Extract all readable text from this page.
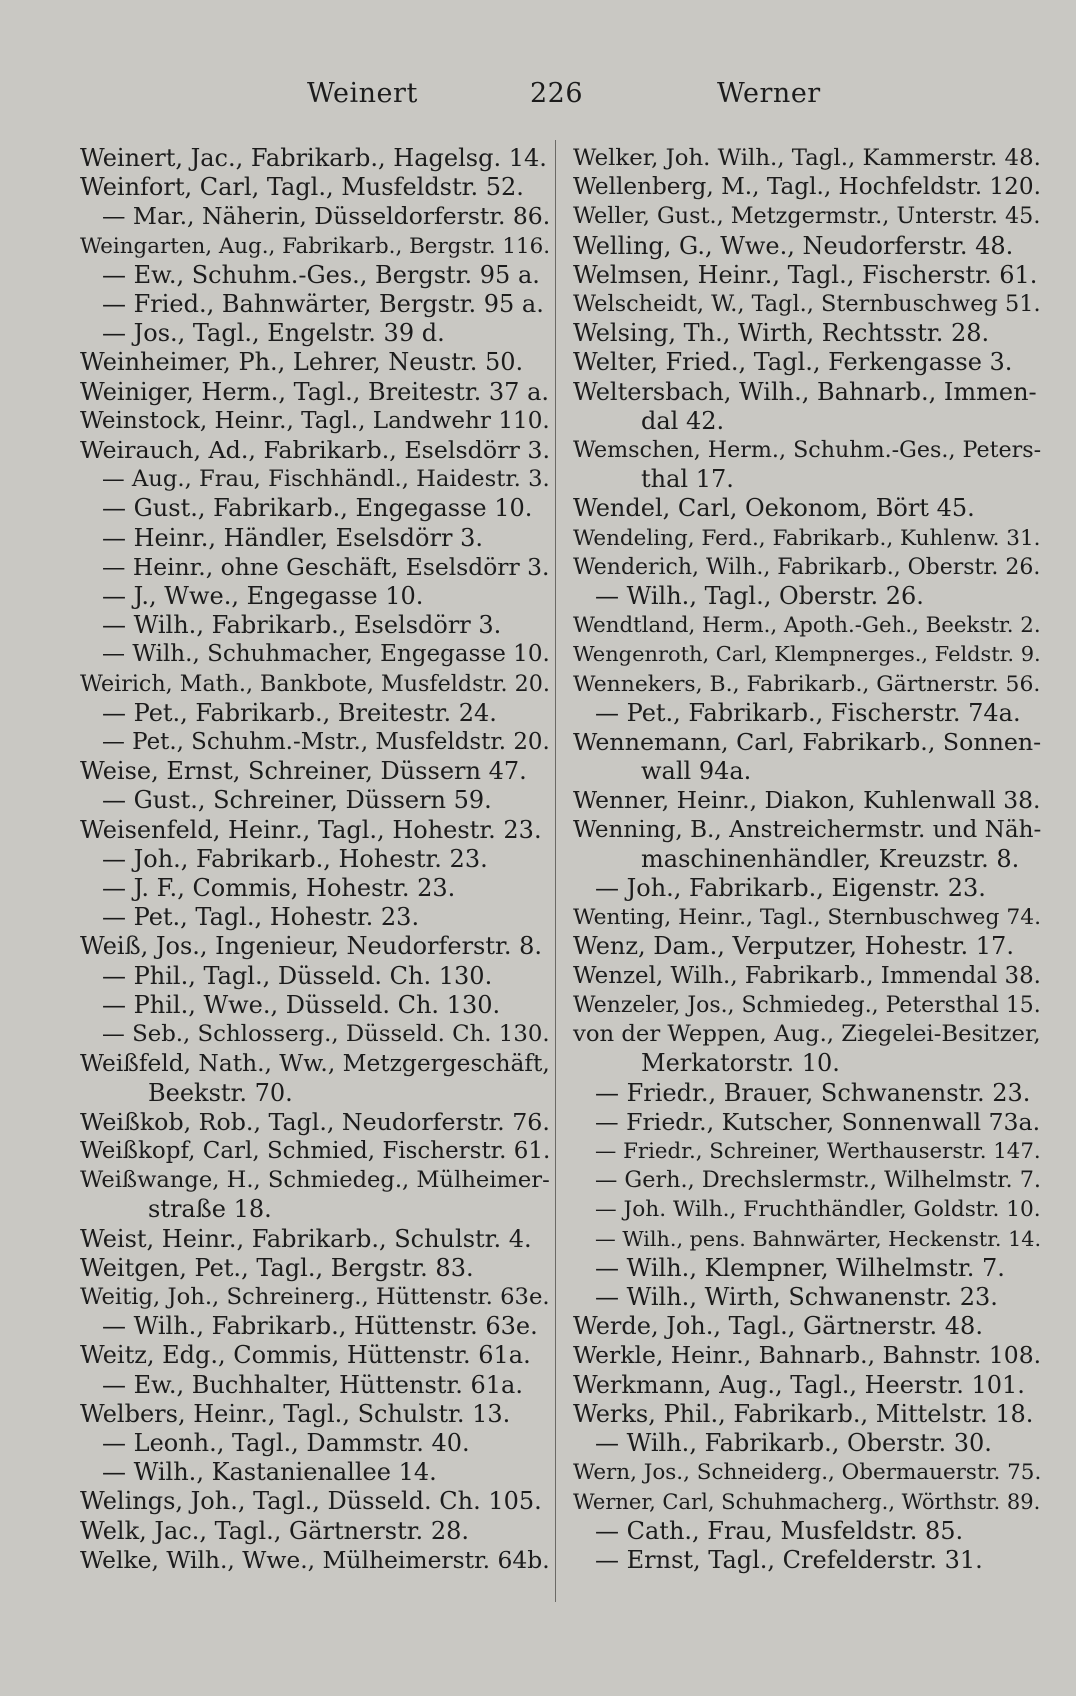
Weinert	226	Werner
Weinert, Jac., Fabrikarb., Hagelsg. 14.
Weinfort, Carl, Tagl., Musfeldstr. 52.
— Mar., Näherin, Düsseldorferstr. 86.
Weingarten, Aug., Fabrikarb., Bergstr. 116.
— Ew., Schuhm.-Ges., Bergstr. 95 a.
— Fried., Bahnwärter, Bergstr. 95 a.
— Jos., Tagl., Engelstr. 39 d.
Weinheimer, Ph., Lehrer, Neustr. 50.
Weiniger, Herm., Tagl., Breitestr. 37 a.
Weinstock, Heinr., Tagl., Landwehr 110.
Weirauch, Ad., Fabrikarb., Eselsdörr 3.
— Aug., Frau, Fischhändl., Haidestr. 3.
— Gust., Fabrikarb., Engegasse 10.
— Heinr., Händler, Eselsdörr 3.
— Heinr., ohne Geschäft, Eselsdörr 3.
— J., Wwe., Engegasse 10.
— Wilh., Fabrikarb., Eselsdörr 3.
— Wilh., Schuhmacher, Engegasse 10.
Weirich, Math., Bankbote, Musfeldstr. 20.
— Pet., Fabrikarb., Breitestr. 24.
— Pet., Schuhm.-Mstr., Musfeldstr. 20.
Weise, Ernst, Schreiner, Düssern 47.
— Gust., Schreiner, Düssern 59.
Weisenfeld, Heinr., Tagl., Hohestr. 23.
— Joh., Fabrikarb., Hohestr. 23.
— J. F., Commis, Hohestr. 23.
— Pet., Tagl., Hohestr. 23.
Weiß, Jos., Ingenieur, Neudorferstr. 8.
— Phil., Tagl., Düsseld. Ch. 130.
— Phil., Wwe., Düsseld. Ch. 130.
— Seb., Schlosserg., Düsseld. Ch. 130.
Weißfeld, Nath., Ww., Metzgergeschäft,
Beekstr. 70.
Weißkob, Rob., Tagl., Neudorferstr. 76.
Weißkopf, Carl, Schmied, Fischerstr. 61.
Weißwange, H., Schmiedeg., Mülheimer-
straße 18.
Weist, Heinr., Fabrikarb., Schulstr. 4.
Weitgen, Pet., Tagl., Bergstr. 83.
Weitig, Joh., Schreinerg., Hüttenstr. 63e.
— Wilh., Fabrikarb., Hüttenstr. 63e.
Weitz, Edg., Commis, Hüttenstr. 61a.
— Ew., Buchhalter, Hüttenstr. 61a.
Welbers, Heinr., Tagl., Schulstr. 13.
— Leonh., Tagl., Dammstr. 40.
— Wilh., Kastanienallee 14.
Welings, Joh., Tagl., Düsseld. Ch. 105.
Welk, Jac., Tagl., Gärtnerstr. 28.
Welke, Wilh., Wwe., Mülheimerstr. 64b.
Welker, Joh. Wilh., Tagl., Kammerstr. 48.
Wellenberg, M., Tagl., Hochfeldstr. 120.
Weller, Gust., Metzgermstr., Unterstr. 45.
Welling, G., Wwe., Neudorferstr. 48.
Welmsen, Heinr., Tagl., Fischerstr. 61.
Welscheidt, W., Tagl., Sternbuschweg 51.
Welsing, Th., Wirth, Rechtsstr. 28.
Welter, Fried., Tagl., Ferkengasse 3.
Weltersbach, Wilh., Bahnarb., Immen-
dal 42.
Wemschen, Herm., Schuhm.-Ges., Peters-
thal 17.
Wendel, Carl, Oekonom, Bört 45.
Wendeling, Ferd., Fabrikarb., Kuhlenw. 31.
Wenderich, Wilh., Fabrikarb., Oberstr. 26.
— Wilh., Tagl., Oberstr. 26.
Wendtland, Herm., Apoth.-Geh., Beekstr. 2.
Wengenroth, Carl, Klempnerges., Feldstr. 9.
Wennekers, B., Fabrikarb., Gärtnerstr. 56.
— Pet., Fabrikarb., Fischerstr. 74a.
Wennemann, Carl, Fabrikarb., Sonnen-
wall 94a.
Wenner, Heinr., Diakon, Kuhlenwall 38.
Wenning, B., Anstreichermstr. und Näh-
maschinenhändler, Kreuzstr. 8.
— Joh., Fabrikarb., Eigenstr. 23.
Wenting, Heinr., Tagl., Sternbuschweg 74.
Wenz, Dam., Verputzer, Hohestr. 17.
Wenzel, Wilh., Fabrikarb., Immendal 38.
Wenzeler, Jos., Schmiedeg., Petersthal 15.
von der Weppen, Aug., Ziegelei-Besitzer,
Merkatorstr. 10.
— Friedr., Brauer, Schwanenstr. 23.
— Friedr., Kutscher, Sonnenwall 73a.
— Friedr., Schreiner, Werthauserstr. 147.
— Gerh., Drechslermstr., Wilhelmstr. 7.
— Joh. Wilh., Fruchthändler, Goldstr. 10.
— Wilh., pens. Bahnwärter, Heckenstr. 14.
— Wilh., Klempner, Wilhelmstr. 7.
— Wilh., Wirth, Schwanenstr. 23.
Werde, Joh., Tagl., Gärtnerstr. 48.
Werkle, Heinr., Bahnarb., Bahnstr. 108.
Werkmann, Aug., Tagl., Heerstr. 101.
Werks, Phil., Fabrikarb., Mittelstr. 18.
— Wilh., Fabrikarb., Oberstr. 30.
Wern, Jos., Schneiderg., Obermauerstr. 75.
Werner, Carl, Schuhmacherg., Wörthstr. 89.
— Cath., Frau, Musfeldstr. 85.
— Ernst, Tagl., Crefelderstr. 31.
